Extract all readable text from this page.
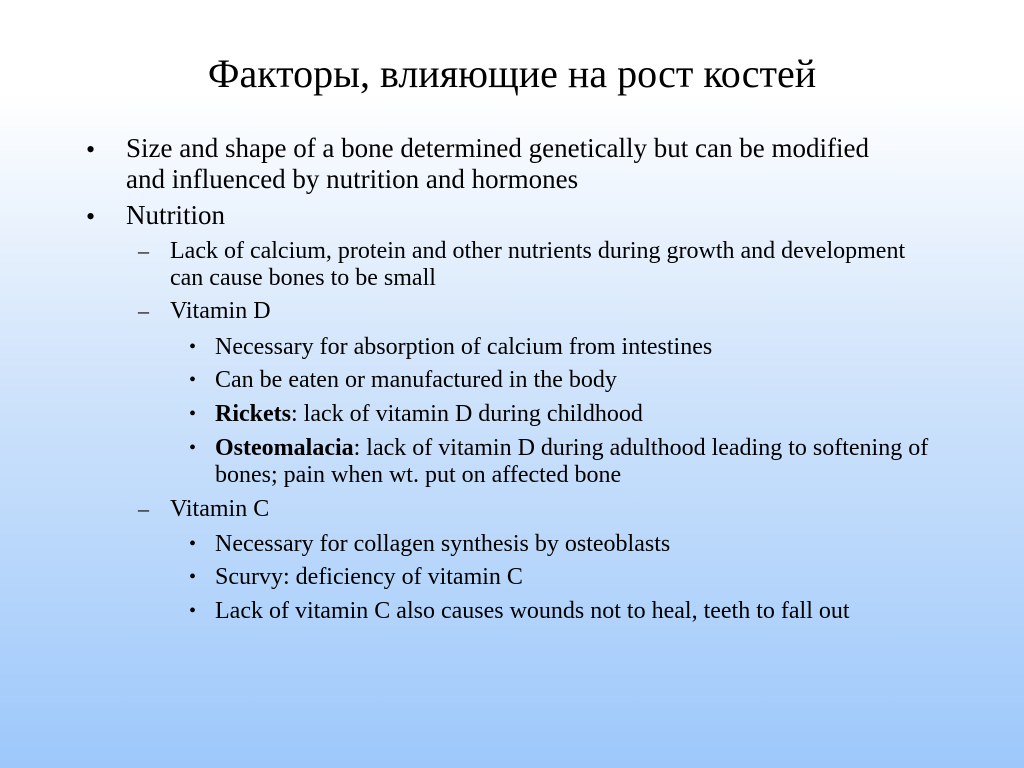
Факторы, влияющие на рост костей
• Size and shape of a bone determined genetically but can be modified and influenced by nutrition and hormones
• Nutrition
– Lack of calcium, protein and other nutrients during growth and development can cause bones to be small
– Vitamin D
• Necessary for absorption of calcium from intestines
• Can be eaten or manufactured in the body
• Rickets: lack of vitamin D during childhood
• Osteomalacia: lack of vitamin D during adulthood leading to softening of bones; pain when wt. put on affected bone
– Vitamin C
• Necessary for collagen synthesis by osteoblasts
• Scurvy: deficiency of vitamin C
• Lack of vitamin C also causes wounds not to heal, teeth to fall out
